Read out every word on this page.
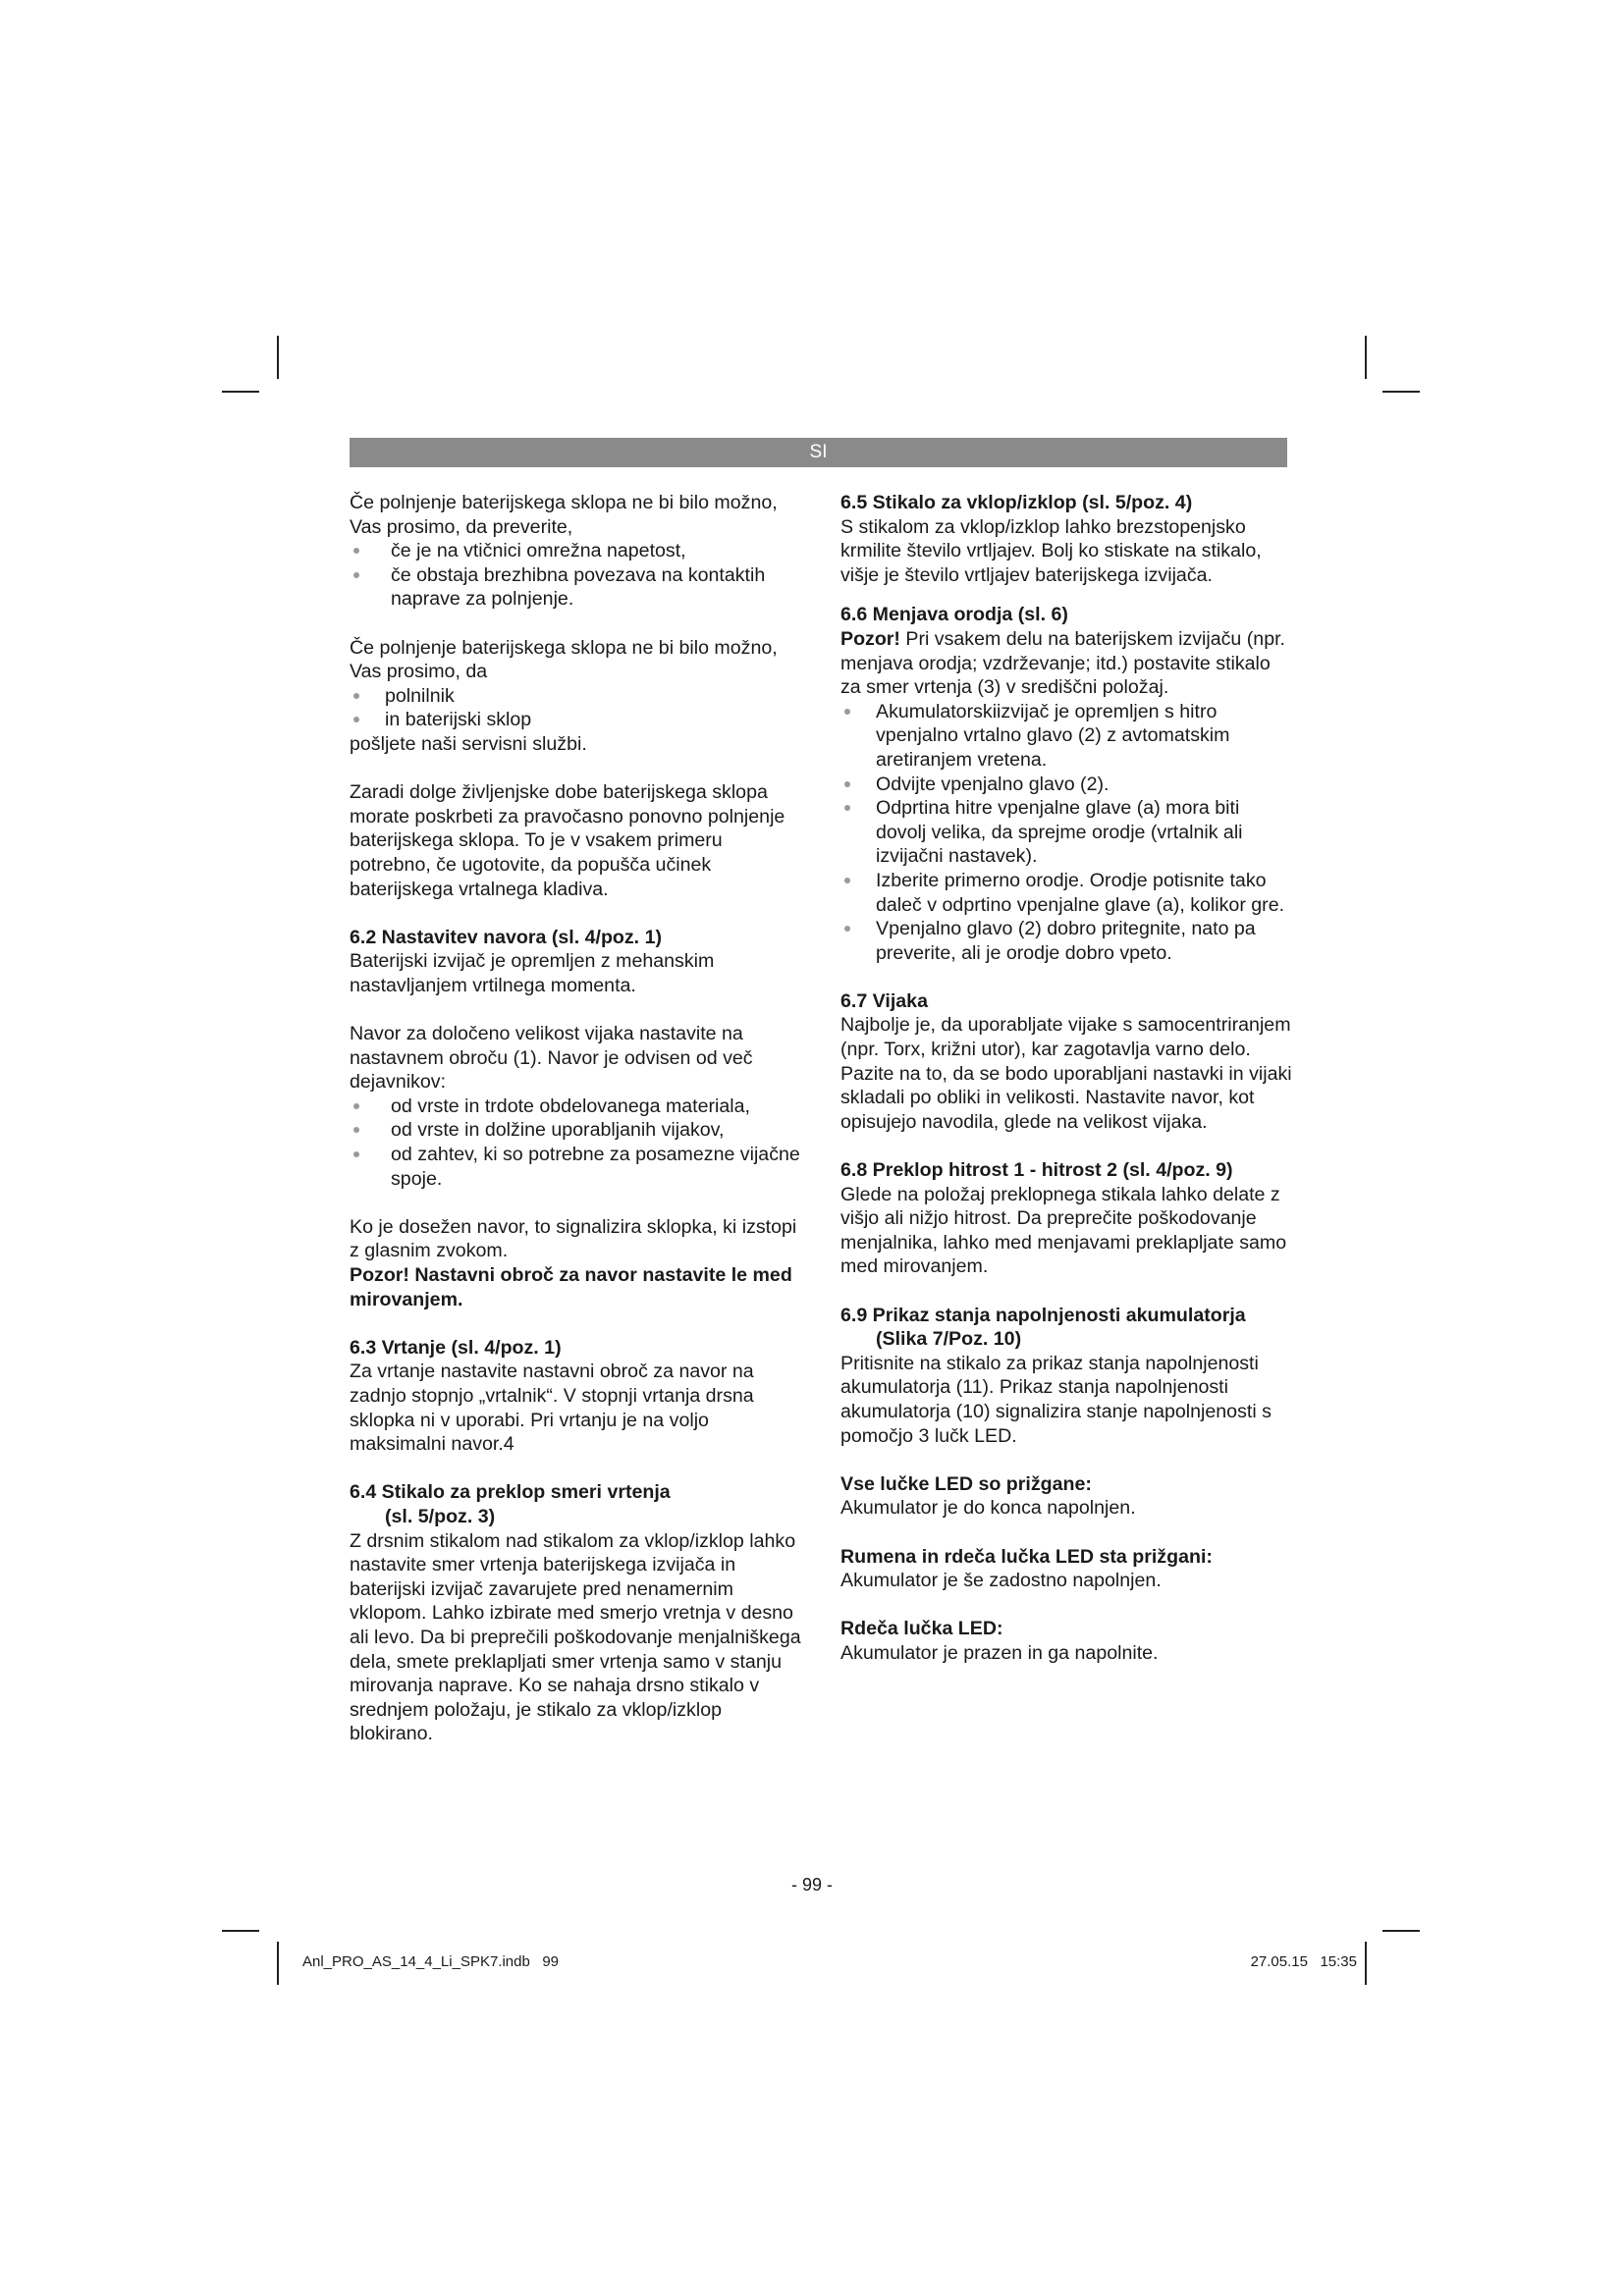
SI

Če polnjenje baterijskega sklopa ne bi bilo možno, Vas prosimo, da preverite,

če je na vtičnici omrežna napetost,
če obstaja brezhibna povezava na kontaktih naprave za polnjenje.

Če polnjenje baterijskega sklopa ne bi bilo možno, Vas prosimo, da

polnilnik
in baterijski sklop

pošljete naši servisni službi.

Zaradi dolge življenjske dobe baterijskega sklopa morate poskrbeti za pravočasno ponovno polnjenje baterijskega sklopa. To je v vsakem primeru potrebno, če ugotovite, da popušča učinek baterijskega vrtalnega kladiva.

6.2 Nastavitev navora (sl. 4/poz. 1)

Baterijski izvijač je opremljen z mehanskim nastavljanjem vrtilnega momenta.

Navor za določeno velikost vijaka nastavite na nastavnem obroču (1). Navor je odvisen od več dejavnikov:

od vrste in trdote obdelovanega materiala,
od vrste in dolžine uporabljanih vijakov,
od zahtev, ki so potrebne za posamezne vijačne spoje.

Ko je dosežen navor, to signalizira sklopka, ki izstopi z glasnim zvokom.

Pozor! Nastavni obroč za navor nastavite le med mirovanjem.

6.3 Vrtanje (sl. 4/poz. 1)

Za vrtanje nastavite nastavni obroč za navor na zadnjo stopnjo „vrtalnik“. V stopnji vrtanja drsna sklopka ni v uporabi. Pri vrtanju je na voljo maksimalni navor.4

6.4 Stikalo za preklop smeri vrtenja
(sl. 5/poz. 3)

Z drsnim stikalom nad stikalom za vklop/izklop lahko nastavite smer vrtenja baterijskega izvijača in baterijski izvijač zavarujete pred nenamernim vklopom. Lahko izbirate med smerjo vretnja v desno ali levo. Da bi preprečili poškodovanje menjalniškega dela, smete preklapljati smer vrtenja samo v stanju mirovanja naprave. Ko se nahaja drsno stikalo v srednjem položaju, je stikalo za vklop/izklop blokirano.

6.5 Stikalo za vklop/izklop (sl. 5/poz. 4)

S stikalom za vklop/izklop lahko brezstopenjsko krmilite število vrtljajev. Bolj ko stiskate na stikalo, višje je število vrtljajev baterijskega izvijača.

6.6 Menjava orodja (sl. 6)

Pozor! Pri vsakem delu na baterijskem izvijaču (npr. menjava orodja; vzdrževanje; itd.) postavite stikalo za smer vrtenja (3) v središčni položaj.

Akumulatorskiizvijač je opremljen s hitro vpenjalno vrtalno glavo (2) z avtomatskim aretiranjem vretena.
Odvijte vpenjalno glavo (2).
Odprtina hitre vpenjalne glave (a) mora biti dovolj velika, da sprejme orodje (vrtalnik ali izvijačni nastavek).
Izberite primerno orodje. Orodje potisnite tako daleč v odprtino vpenjalne glave (a), kolikor gre.
Vpenjalno glavo (2) dobro pritegnite, nato pa preverite, ali je orodje dobro vpeto.
6.7 Vijaka

Najbolje je, da uporabljate vijake s samocentriranjem (npr. Torx, križni utor), kar zagotavlja varno delo. Pazite na to, da se bodo uporabljani nastavki in vijaki skladali po obliki in velikosti. Nastavite navor, kot opisujejo navodila, glede na velikost vijaka.

6.8 Preklop hitrost 1 - hitrost 2 (sl. 4/poz. 9)

Glede na položaj preklopnega stikala lahko delate z višjo ali nižjo hitrost. Da preprečite poškodovanje menjalnika, lahko med menjavami preklapljate samo med mirovanjem.

6.9 Prikaz stanja napolnjenosti akumulatorja
(Slika 7/Poz. 10)

Pritisnite na stikalo za prikaz stanja napolnjenosti akumulatorja (11). Prikaz stanja napolnjenosti akumulatorja (10) signalizira stanje napolnjenosti s pomočjo 3 lučk LED.

Vse lučke LED so prižgane:

Akumulator je do konca napolnjen.

Rumena in rdeča lučka LED sta prižgani:

Akumulator je še zadostno napolnjen.

Rdeča lučka LED:

Akumulator je prazen in ga napolnite.

- 99 -
Anl_PRO_AS_14_4_Li_SPK7.indb   99	27.05.15   15:35
